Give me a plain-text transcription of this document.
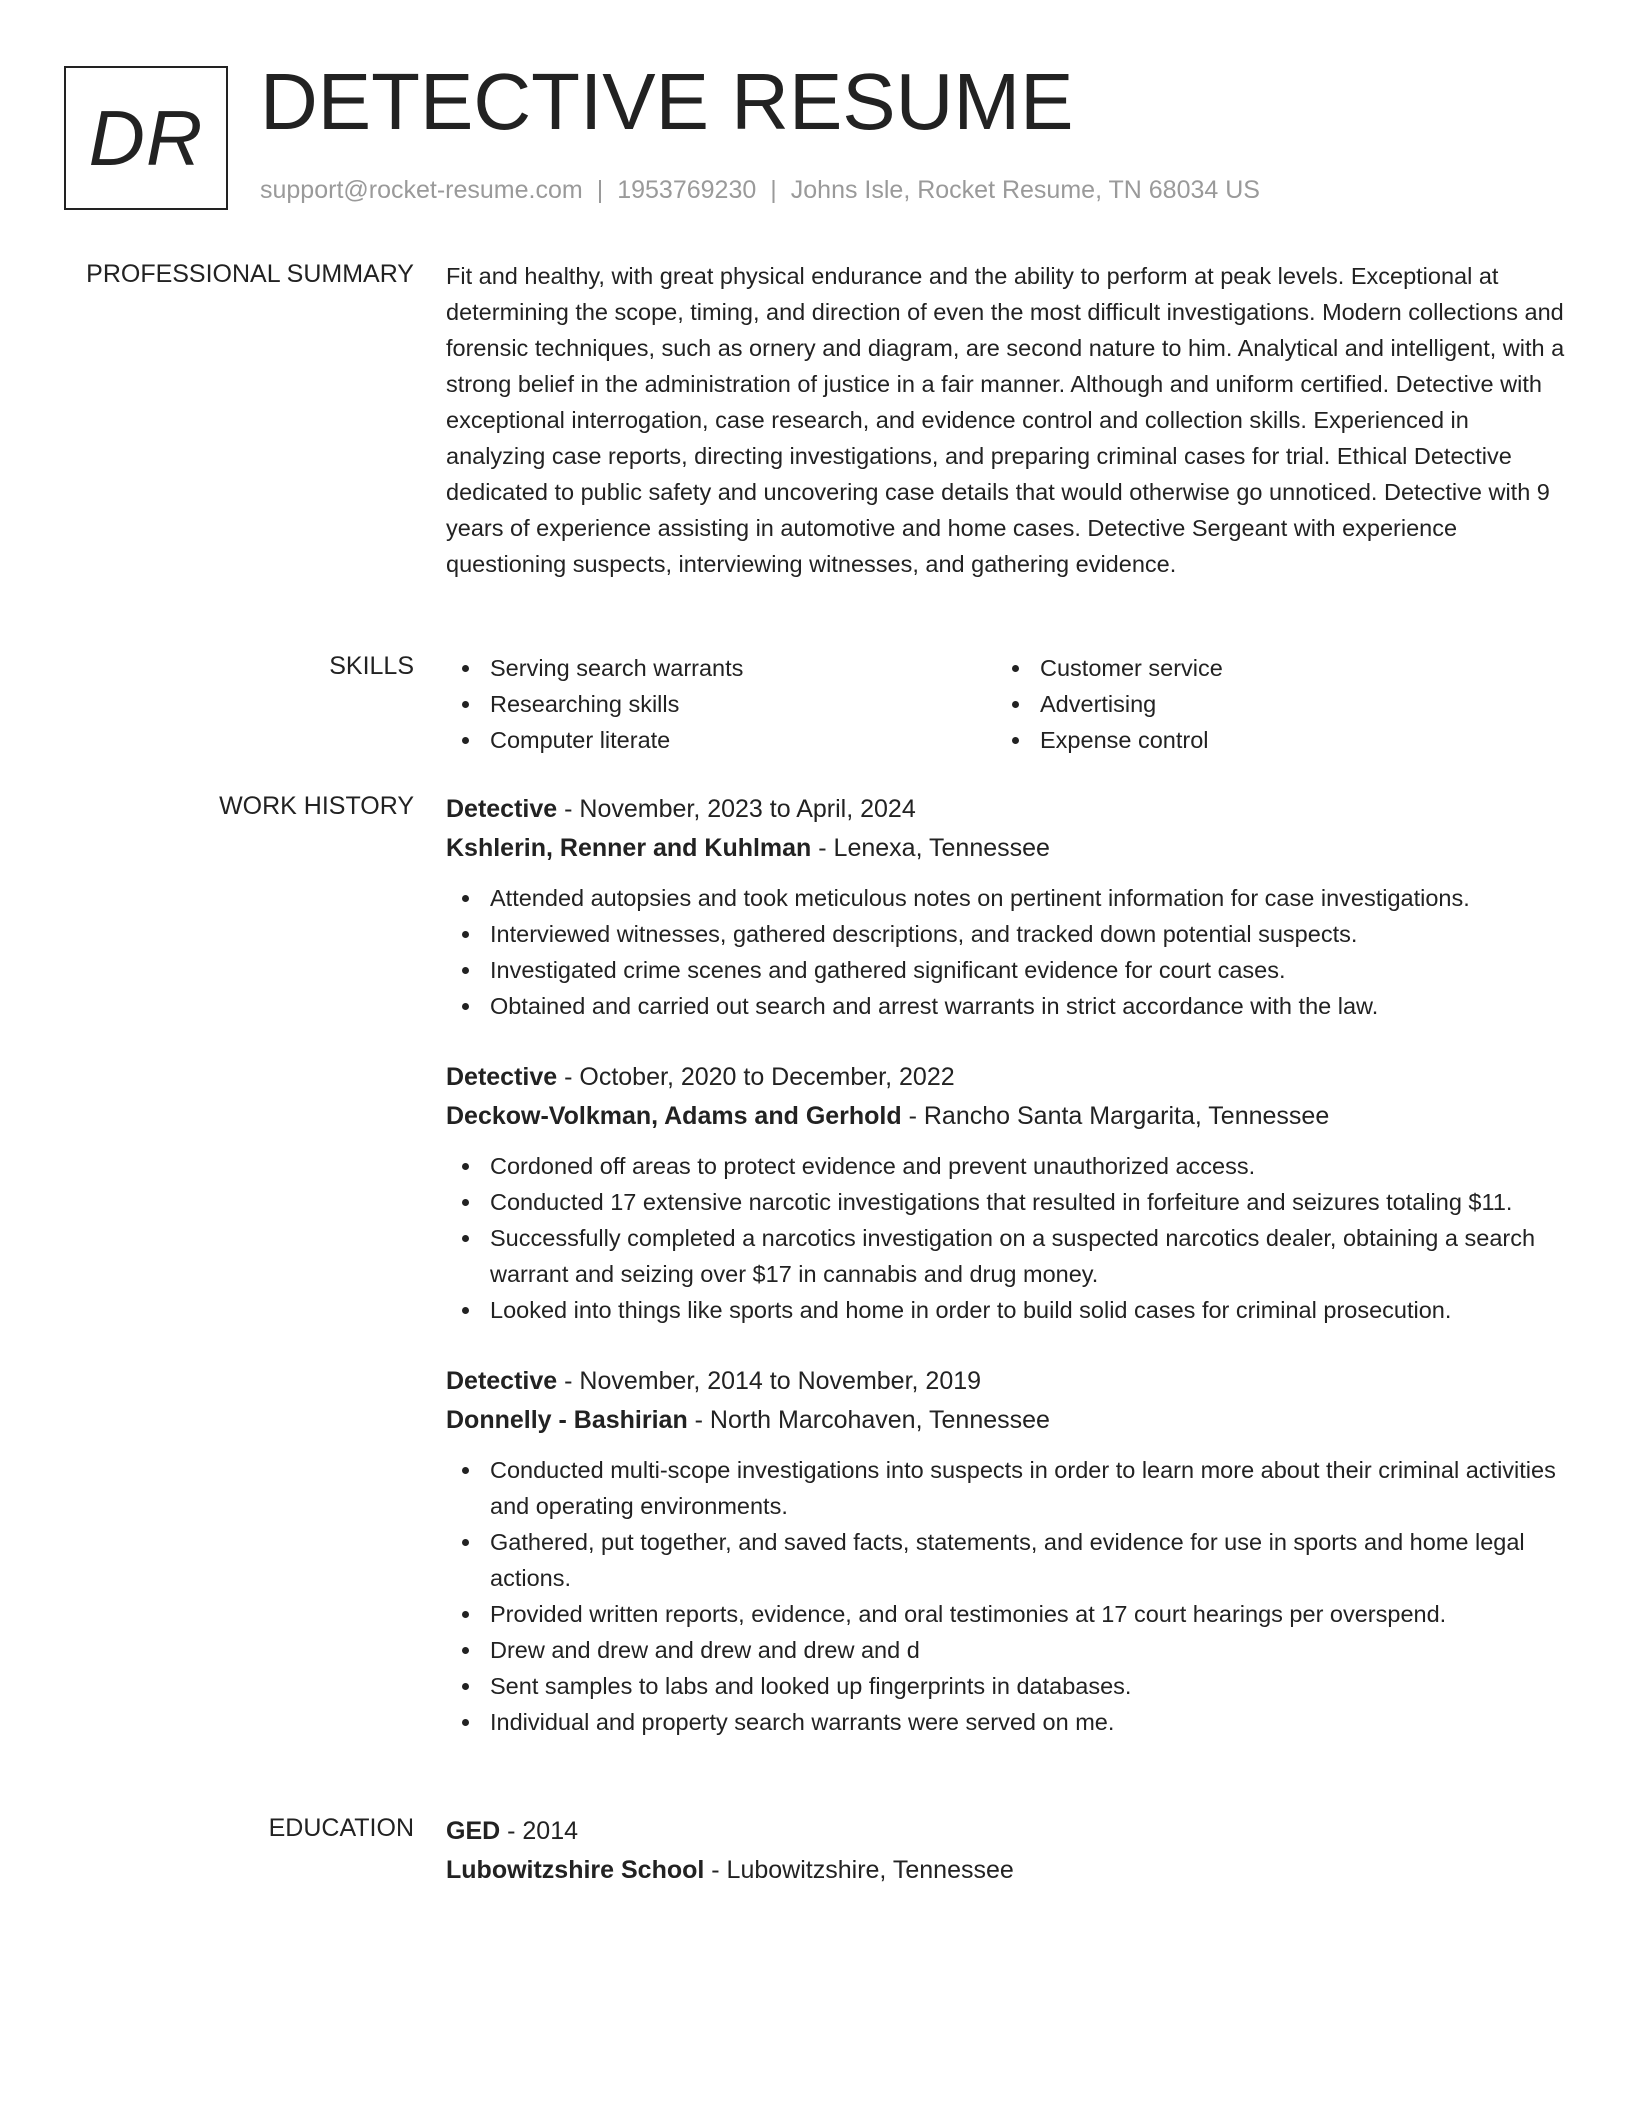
DR DETECTIVE RESUME
support@rocket-resume.com | 1953769230 | Johns Isle, Rocket Resume, TN 68034 US
PROFESSIONAL SUMMARY Fit and healthy, with great physical endurance and the ability to perform at peak levels. Exceptional at determining the scope, timing, and direction of even the most difficult investigations. Modern collections and forensic techniques, such as ornery and diagram, are second nature to him. Analytical and intelligent, with a strong belief in the administration of justice in a fair manner. Although and uniform certified. Detective with exceptional interrogation, case research, and evidence control and collection skills. Experienced in analyzing case reports, directing investigations, and preparing criminal cases for trial. Ethical Detective dedicated to public safety and uncovering case details that would otherwise go unnoticed. Detective with 9 years of experience assisting in automotive and home cases. Detective Sergeant with experience questioning suspects, interviewing witnesses, and gathering evidence.

SKILLS	Serving search warrants
Researching skills
Computer literate
Customer service
Advertising
Expense control
WORK HISTORY Detective - November, 2023 to April, 2024
Kshlerin, Renner and Kuhlman - Lenexa, Tennessee
Attended autopsies and took meticulous notes on pertinent information for case investigations.
Interviewed witnesses, gathered descriptions, and tracked down potential suspects.
Investigated crime scenes and gathered significant evidence for court cases.
Obtained and carried out search and arrest warrants in strict accordance with the law.
Detective - October, 2020 to December, 2022
Deckow-Volkman, Adams and Gerhold - Rancho Santa Margarita, Tennessee
Cordoned off areas to protect evidence and prevent unauthorized access.
Conducted 17 extensive narcotic investigations that resulted in forfeiture and seizures totaling $11.
Successfully completed a narcotics investigation on a suspected narcotics dealer, obtaining a search warrant and seizing over $17 in cannabis and drug money.
Looked into things like sports and home in order to build solid cases for criminal prosecution.
Detective - November, 2014 to November, 2019
Donnelly - Bashirian - North Marcohaven, Tennessee
Conducted multi-scope investigations into suspects in order to learn more about their criminal activities and operating environments.
Gathered, put together, and saved facts, statements, and evidence for use in sports and home legal actions.
Provided written reports, evidence, and oral testimonies at 17 court hearings per overspend.
Drew and drew and drew and drew and d
Sent samples to labs and looked up fingerprints in databases.
Individual and property search warrants were served on me.
EDUCATION GED - 2014
Lubowitzshire School - Lubowitzshire, Tennessee
